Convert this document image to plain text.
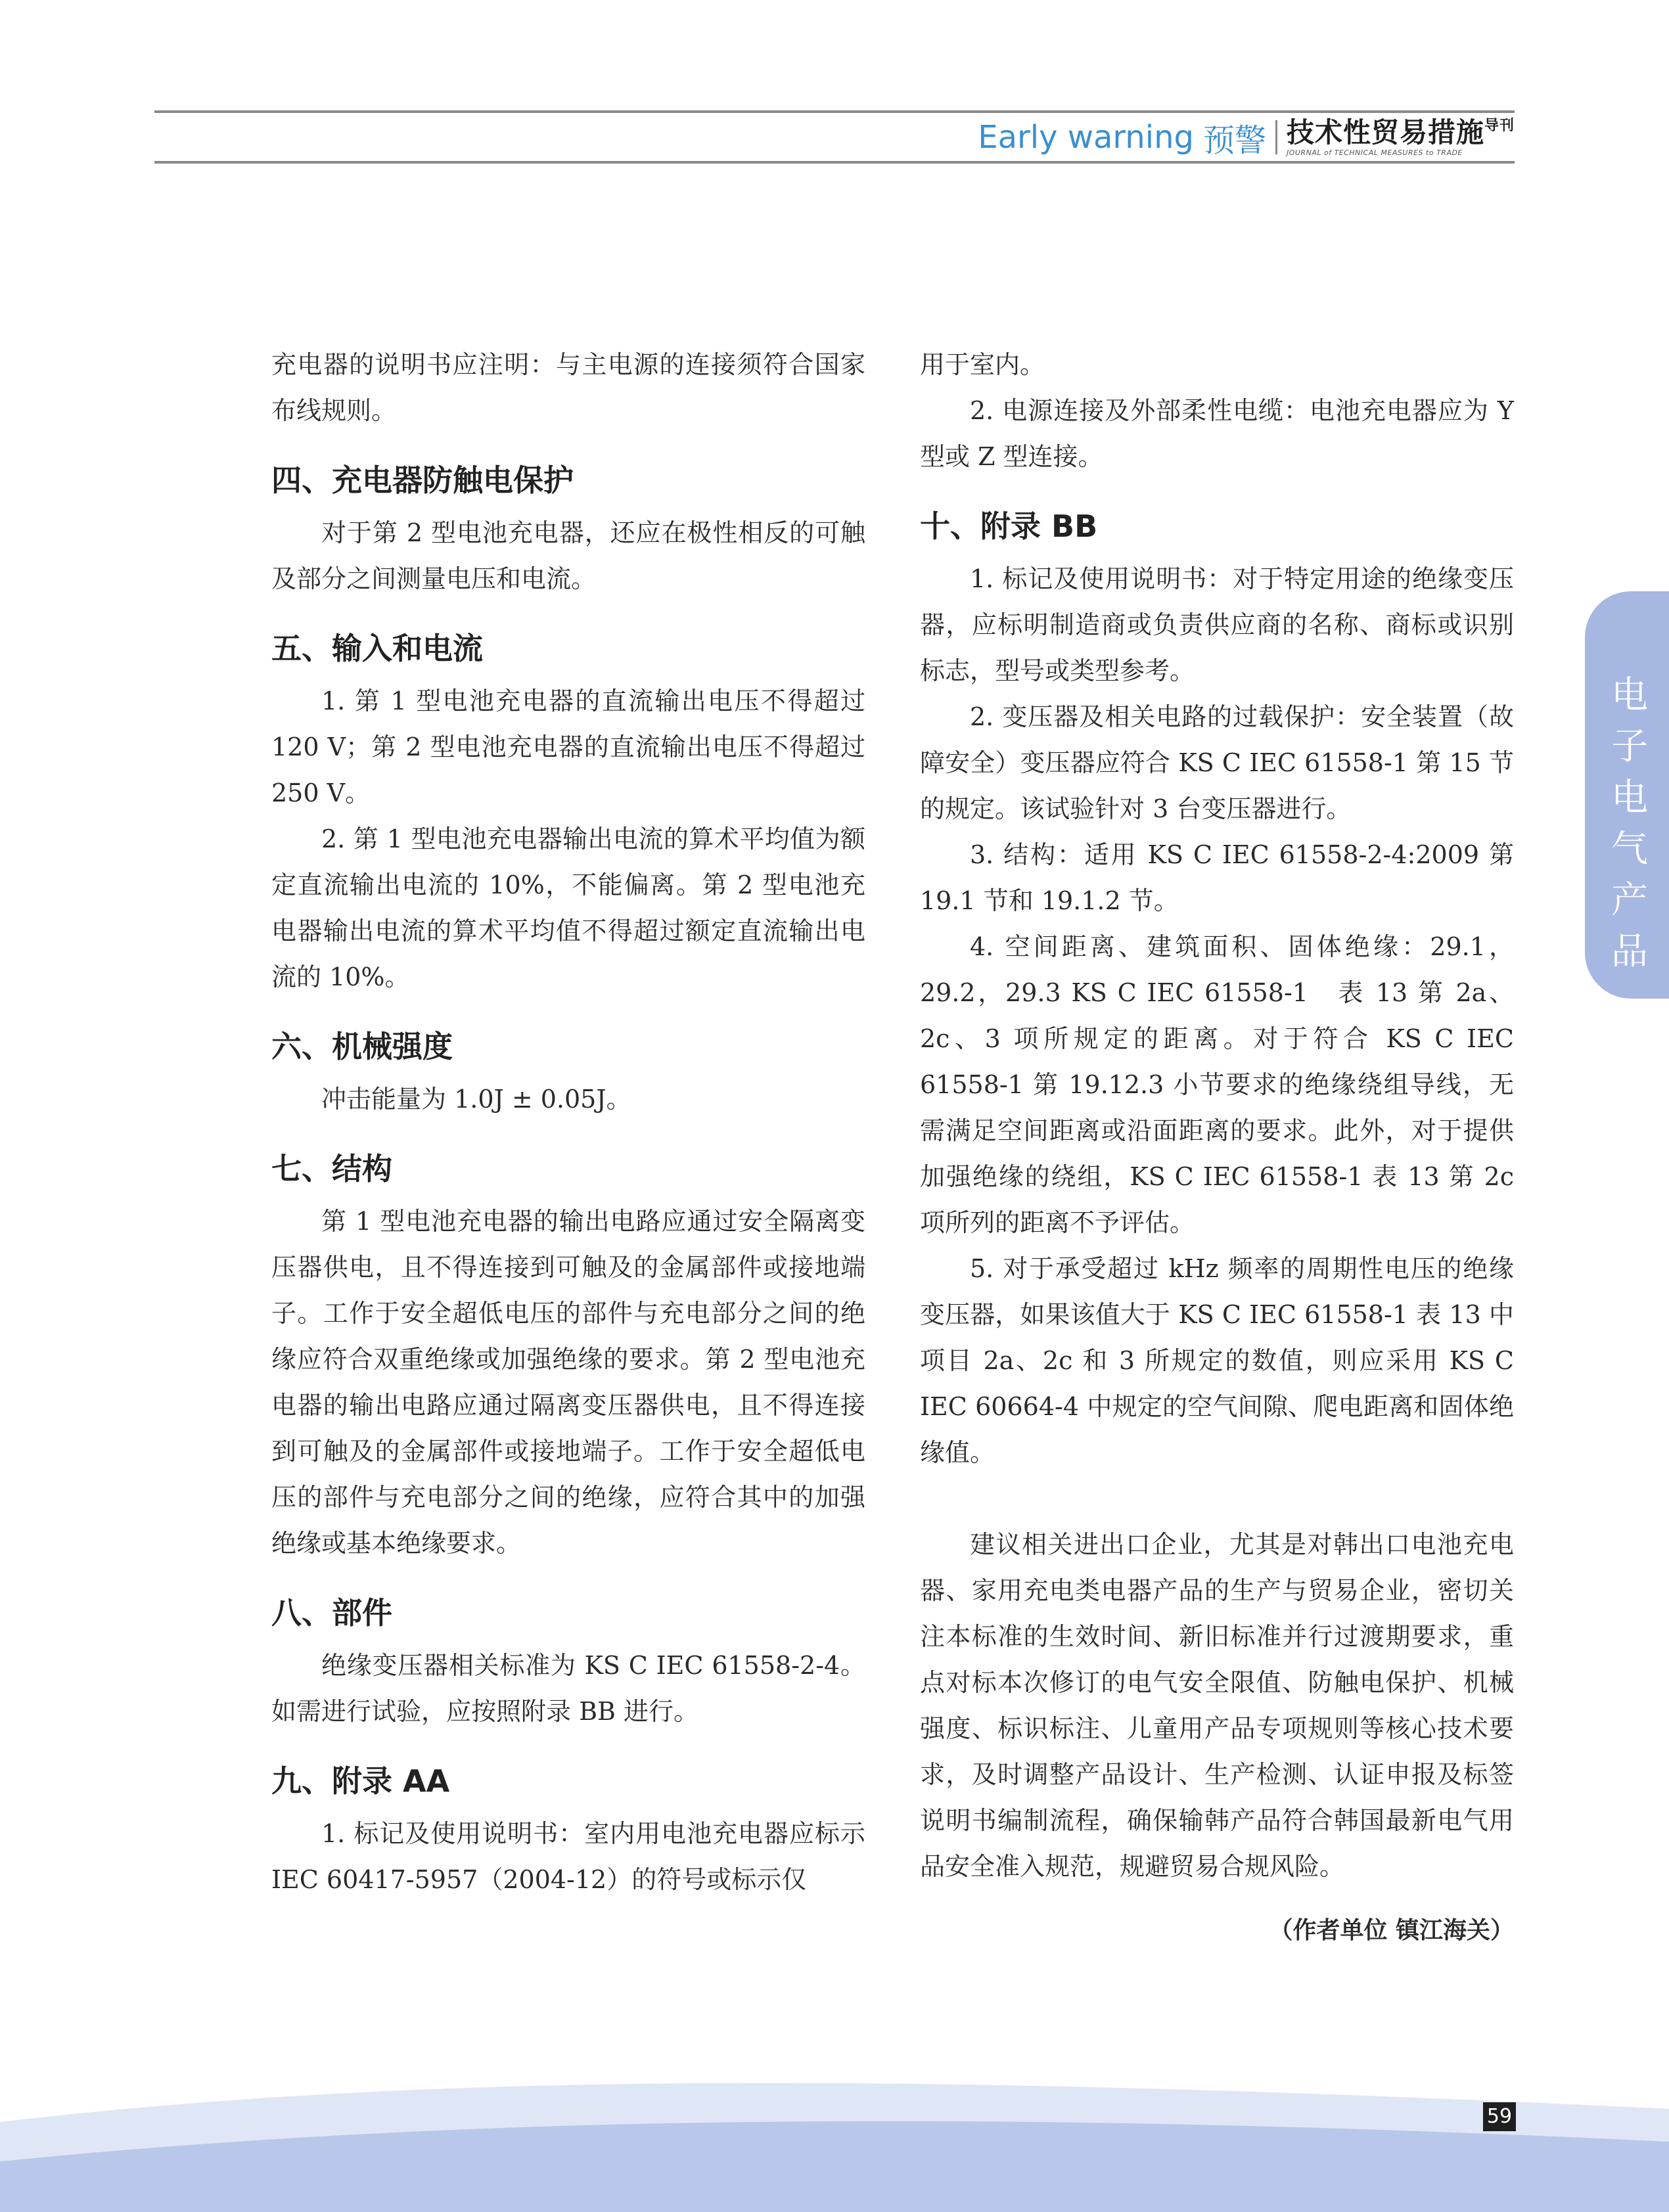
Early warning 预警 技术性贸易措施$^{导刊}$
JOURNAL of TECHNICAL MEASURES to TRADE
电
子
电
气
产
品

充电器的说明书应注明：与主电源的连接须符合国家布线规则。

四、充电器防触电保护

对于第 2 型电池充电器，还应在极性相反的可触及部分之间测量电压和电流。

五、输入和电流

1. 第 1 型电池充电器的直流输出电压不得超过 120 V；第 2 型电池充电器的直流输出电压不得超过 250 V。

2. 第 1 型电池充电器输出电流的算术平均值为额定直流输出电流的 10%，不能偏离。第 2 型电池充电器输出电流的算术平均值不得超过额定直流输出电流的 10%。

六、机械强度

冲击能量为 1.0J ± 0.05J。

七、结构

第 1 型电池充电器的输出电路应通过安全隔离变压器供电，且不得连接到可触及的金属部件或接地端子。工作于安全超低电压的部件与充电部分之间的绝缘应符合双重绝缘或加强绝缘的要求。第 2 型电池充电器的输出电路应通过隔离变压器供电，且不得连接到可触及的金属部件或接地端子。工作于安全超低电压的部件与充电部分之间的绝缘，应符合其中的加强绝缘或基本绝缘要求。

八、部件

绝缘变压器相关标准为 KS C IEC 61558-2-4。如需进行试验，应按照附录 BB 进行。

九、附录 AA

1. 标记及使用说明书：室内用电池充电器应标示 IEC 60417-5957（2004-12）的符号或标示仅

用于室内。

2. 电源连接及外部柔性电缆：电池充电器应为 Y 型或 Z 型连接。

十、附录 BB

1. 标记及使用说明书：对于特定用途的绝缘变压器，应标明制造商或负责供应商的名称、商标或识别标志，型号或类型参考。

2. 变压器及相关电路的过载保护：安全装置（故障安全）变压器应符合 KS C IEC 61558-1 第 15 节的规定。该试验针对 3 台变压器进行。

3. 结构：适用 KS C IEC 61558-2-4:2009 第 19.1 节和 19.1.2 节。

4. 空间距离、建筑面积、固体绝缘：29.1，29.2，29.3 KS C IEC 61558-1　表 13 第 2a、2c、3 项所规定的距离。对于符合 KS C IEC 61558-1 第 19.12.3 小节要求的绝缘绕组导线，无需满足空间距离或沿面距离的要求。此外，对于提供加强绝缘的绕组，KS C IEC 61558-1 表 13 第 2c 项所列的距离不予评估。

5. 对于承受超过 kHz 频率的周期性电压的绝缘变压器，如果该值大于 KS C IEC 61558-1 表 13 中项目 2a、2c 和 3 所规定的数值，则应采用 KS C IEC 60664-4 中规定的空气间隙、爬电距离和固体绝缘值。

建议相关进出口企业，尤其是对韩出口电池充电器、家用充电类电器产品的生产与贸易企业，密切关注本标准的生效时间、新旧标准并行过渡期要求，重点对标本次修订的电气安全限值、防触电保护、机械强度、标识标注、儿童用产品专项规则等核心技术要求，及时调整产品设计、生产检测、认证申报及标签说明书编制流程，确保输韩产品符合韩国最新电气用品安全准入规范，规避贸易合规风险。

（作者单位 镇江海关）
59
